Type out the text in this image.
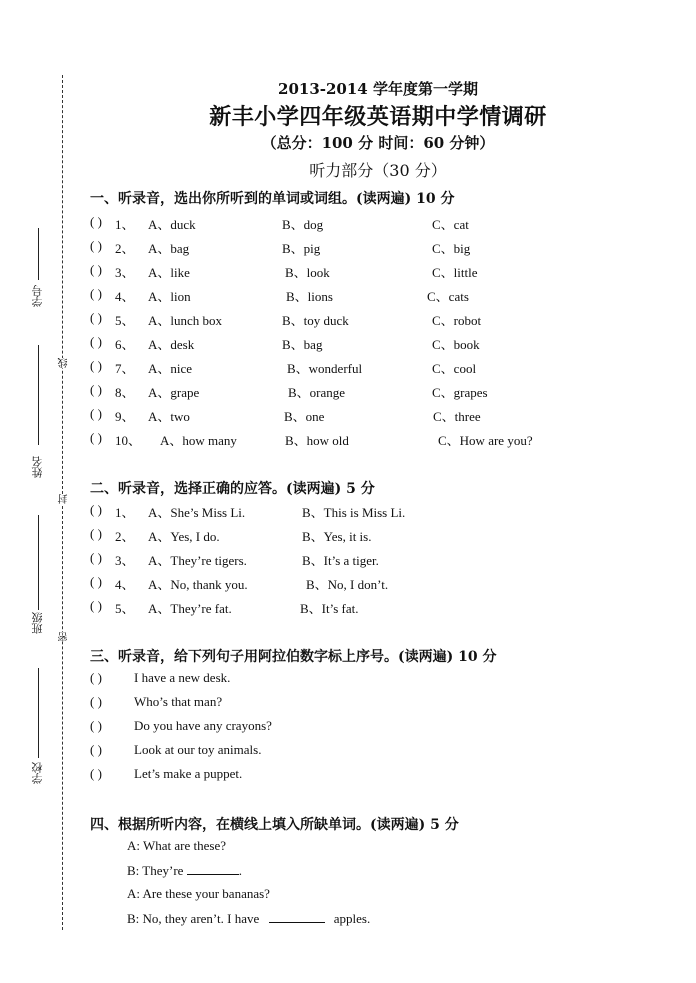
线
封
密
学号
姓名
班级
学校
2013-2014 学年度第一学期
新丰小学四年级英语期中学情调研
（总分：100 分 时间：60 分钟）
听力部分（30 分）
一、听录音，选出你所听到的单词或词组。(读两遍) 10 分
( ) 1、 A、duck	B、dog	C、cat
( ) 2、 A、bag	B、pig	C、big
( ) 3、 A、like	B、look	C、little
( ) 4、 A、lion	B、lions	C、cats
( ) 5、 A、lunch box	B、toy duck	C、robot
( ) 6、 A、desk	B、bag	C、book
( ) 7、 A、nice	B、wonderful	C、cool
( ) 8、 A、grape	B、orange	C、grapes
( ) 9、 A、two	B、one	C、three
( ) 10、 A、how many	B、how old	C、How are you?
二、听录音，选择正确的应答。(读两遍) 5 分
( ) 1、 A、She’s Miss Li.	B、This is Miss Li.
( ) 2、 A、Yes, I do.	B、Yes, it is.
( ) 3、 A、They’re tigers.	B、It’s a tiger.
( ) 4、 A、No, thank you.	B、No, I don’t.
( ) 5、 A、They’re fat.	B、It’s fat.
三、听录音，给下列句子用阿拉伯数字标上序号。(读两遍) 10 分
( ) I have a new desk.
( ) Who’s that man?
( ) Do you have any crayons?
( ) Look at our toy animals.
( ) Let’s make a puppet.
四、根据所听内容，在横线上填入所缺单词。(读两遍) 5 分
A: What are these?
B: They’re	.
A: Are these your bananas?
B: No, they aren’t. I have	apples.
